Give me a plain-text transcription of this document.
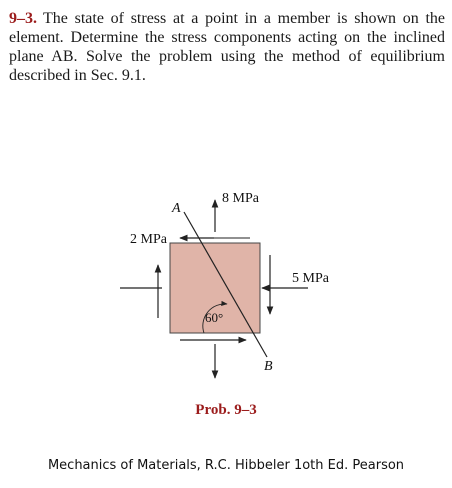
9–3. The state of stress at a point in a member is shown on the element. Determine the stress components acting on the inclined plane AB. Solve the problem using the method of equilibrium described in Sec. 9.1.
A
B
8 MPa
2 MPa
5 MPa
60°
Prob. 9–3
Mechanics of Materials, R.C. Hibbeler 1oth Ed. Pearson
